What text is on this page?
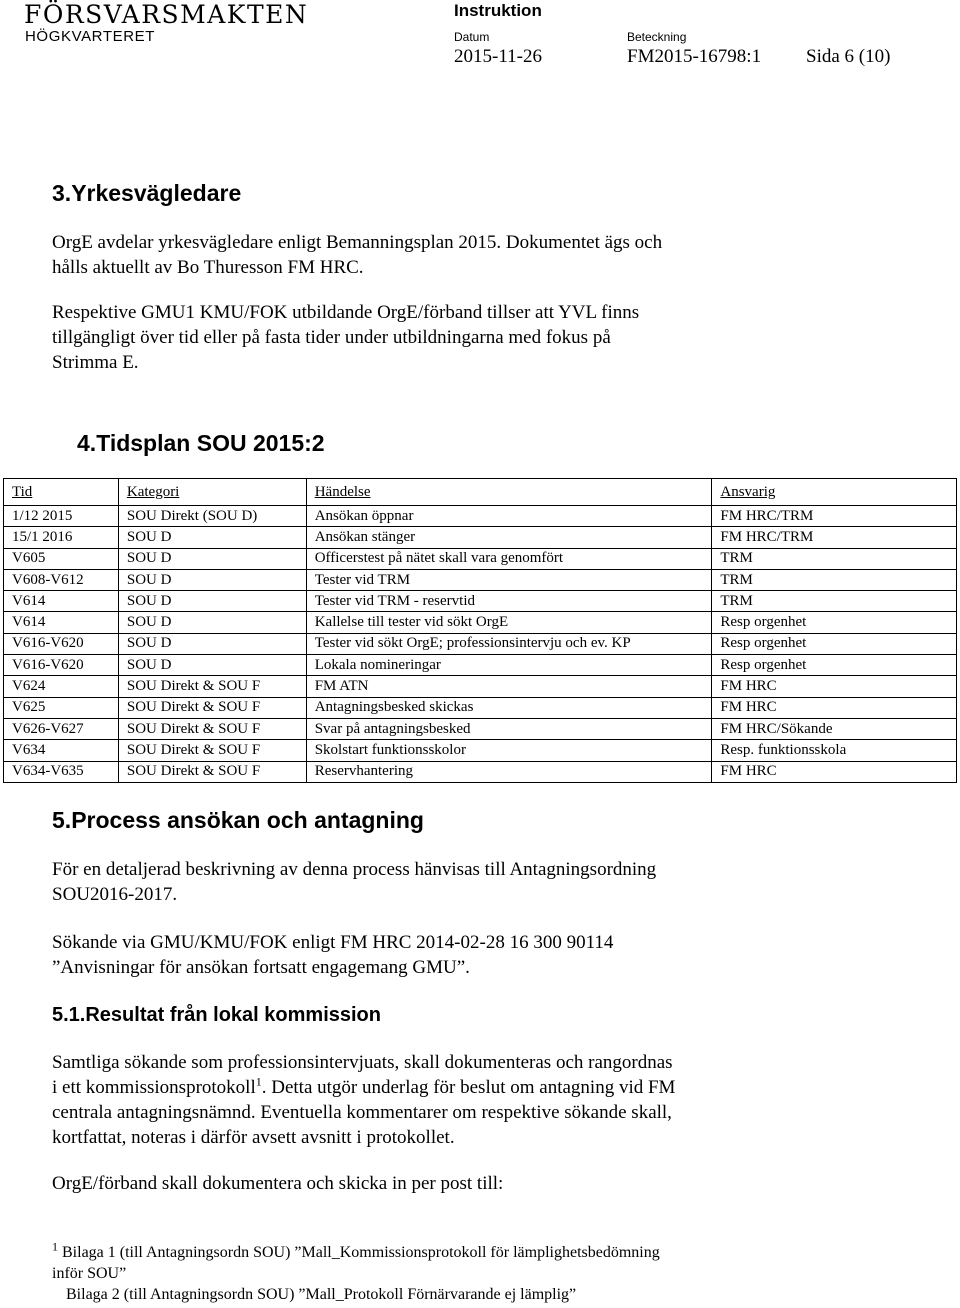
FÖRSVARSMAKTEN
HÖGKVARTERET
Instruktion
Datum	Beteckning
2015-11-26	FM2015-16798:1 Sida 6 (10)
3.Yrkesvägledare
OrgE avdelar yrkesvägledare enligt Bemanningsplan 2015. Dokumentet ägs och
hålls aktuellt av Bo Thuresson FM HRC.
Respektive GMU1 KMU/FOK utbildande OrgE/förband tillser att YVL finns
tillgängligt över tid eller på fasta tider under utbildningarna med fokus på
Strimma E.
4.Tidsplan SOU 2015:2
Tid	Kategori	Händelse	Ansvarig
1/12 2015	SOU Direkt (SOU D)	Ansökan öppnar	FM HRC/TRM
15/1 2016	SOU D	Ansökan stänger	FM HRC/TRM
V605	SOU D	Officerstest på nätet skall vara genomfört	TRM
V608-V612	SOU D	Tester vid TRM	TRM
V614	SOU D	Tester vid TRM - reservtid	TRM
V614	SOU D	Kallelse till tester vid sökt OrgE	Resp orgenhet
V616-V620	SOU D	Tester vid sökt OrgE; professionsintervju och ev. KP	Resp orgenhet
V616-V620	SOU D	Lokala nomineringar	Resp orgenhet
V624	SOU Direkt & SOU F	FM ATN	FM HRC
V625	SOU Direkt & SOU F	Antagningsbesked skickas	FM HRC
V626-V627	SOU Direkt & SOU F	Svar på antagningsbesked	FM HRC/Sökande
V634	SOU Direkt & SOU F	Skolstart funktionsskolor	Resp. funktionsskola
V634-V635	SOU Direkt & SOU F	Reservhantering	FM HRC
5.Process ansökan och antagning
För en detaljerad beskrivning av denna process hänvisas till Antagningsordning
SOU2016-2017.
Sökande via GMU/KMU/FOK enligt FM HRC 2014-02-28 16 300 90114
”Anvisningar för ansökan fortsatt engagemang GMU”.
5.1.Resultat från lokal kommission
Samtliga sökande som professionsintervjuats, skall dokumenteras och rangordnas
i ett kommissionsprotokoll$^1$. Detta utgör underlag för beslut om antagning vid FM
centrala antagningsnämnd. Eventuella kommentarer om respektive sökande skall,
kortfattat, noteras i därför avsett avsnitt i protokollet.
OrgE/förband skall dokumentera och skicka in per post till:
$^1$ Bilaga 1 (till Antagningsordn SOU) ”Mall_Kommissionsprotokoll för lämplighetsbedömning
inför SOU”
Bilaga 2 (till Antagningsordn SOU) ”Mall_Protokoll Förnärvarande ej lämplig”
